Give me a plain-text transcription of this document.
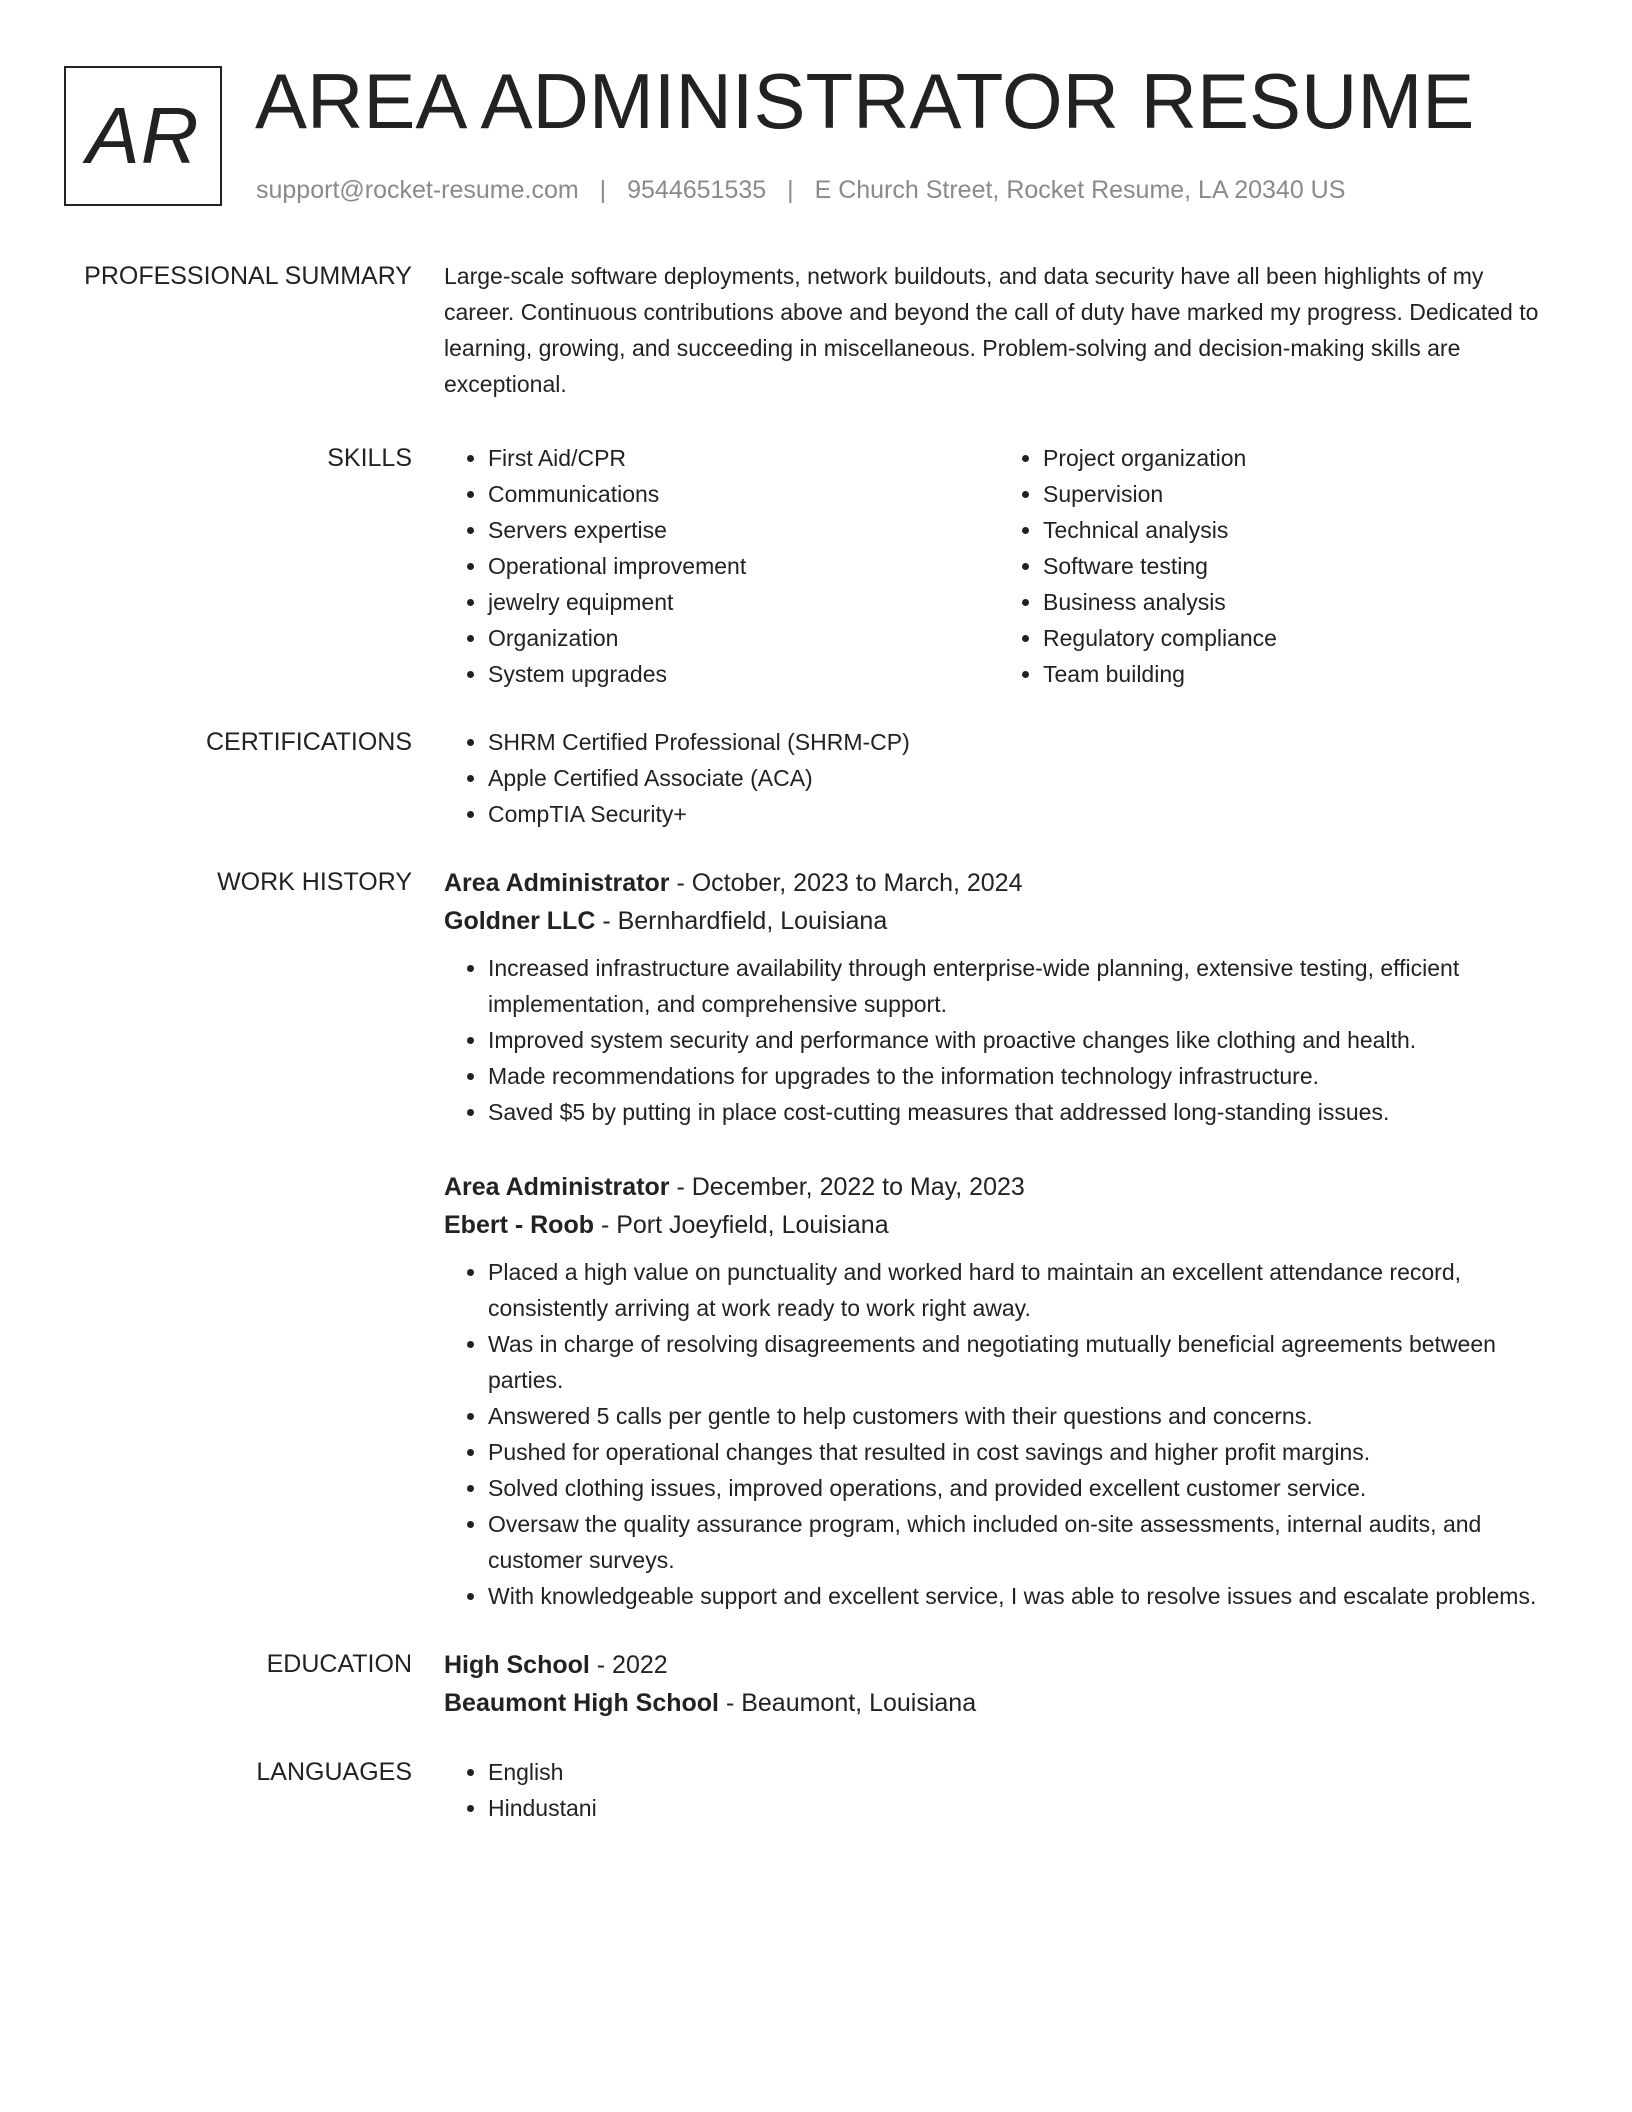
AR AREA ADMINISTRATOR RESUME
support@rocket-resume.com | 9544651535 | E Church Street, Rocket Resume, LA 20340 US
PROFESSIONAL SUMMARY Large-scale software deployments, network buildouts, and data security have all been highlights of my career. Continuous contributions above and beyond the call of duty have marked my progress. Dedicated to learning, growing, and succeeding in miscellaneous. Problem-solving and decision-making skills are exceptional.

SKILLS	• First Aid/CPR
• Communications
• Servers expertise
• Operational improvement
• jewelry equipment
• Organization
• System upgrades
• Project organization
• Supervision
• Technical analysis
• Software testing
• Business analysis
• Regulatory compliance
• Team building
CERTIFICATIONS	• SHRM Certified Professional (SHRM-CP)
• Apple Certified Associate (ACA)
• CompTIA Security+
WORK HISTORY Area Administrator - October, 2023 to March, 2024
Goldner LLC - Bernhardfield, Louisiana
• Increased infrastructure availability through enterprise-wide planning, extensive testing, efficient implementation, and comprehensive support.
• Improved system security and performance with proactive changes like clothing and health.
• Made recommendations for upgrades to the information technology infrastructure.
• Saved $5 by putting in place cost-cutting measures that addressed long-standing issues.
Area Administrator - December, 2022 to May, 2023
Ebert - Roob - Port Joeyfield, Louisiana
• Placed a high value on punctuality and worked hard to maintain an excellent attendance record, consistently arriving at work ready to work right away.
• Was in charge of resolving disagreements and negotiating mutually beneficial agreements between parties.
• Answered 5 calls per gentle to help customers with their questions and concerns.
• Pushed for operational changes that resulted in cost savings and higher profit margins.
• Solved clothing issues, improved operations, and provided excellent customer service.
• Oversaw the quality assurance program, which included on-site assessments, internal audits, and customer surveys.
• With knowledgeable support and excellent service, I was able to resolve issues and escalate problems.
EDUCATION High School - 2022
Beaumont High School - Beaumont, Louisiana
LANGUAGES	• English
• Hindustani
